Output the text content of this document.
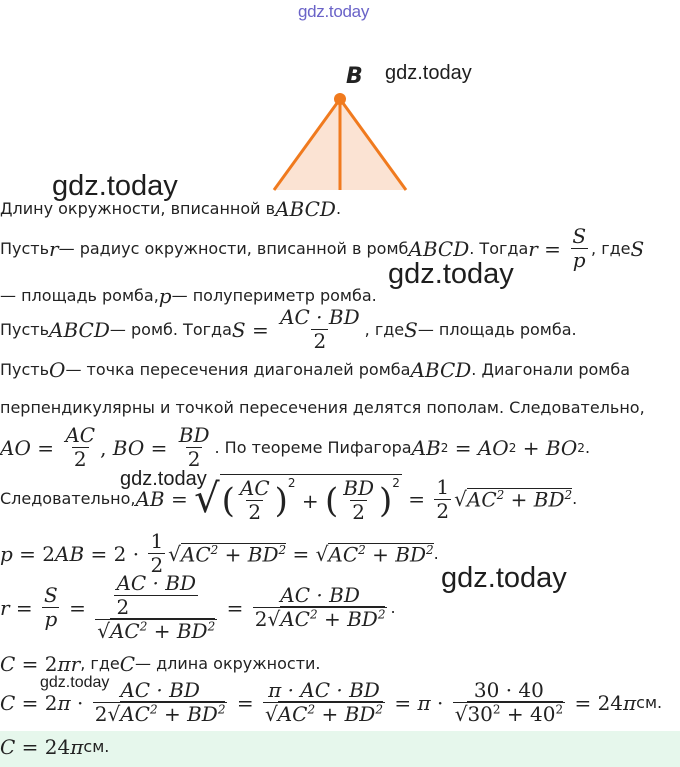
gdz.today
gdz.today
gdz.today
gdz.today
gdz.today
gdz.today
gdz.today
B
Длину окружности, вписанной в ABCD .
Пусть r — радиус окружности, вписанной в ромб ABCD . Тогда $r = \frac{S}{p}$ , где S
— площадь ромба, p — полупериметр ромба.
Пусть ABCD — ромб. Тогда $S = \frac{AC \cdot BD}{2}$ , где S — площадь ромба.
Пусть O — точка пересечения диагоналей ромба ABCD . Диагонали ромба
перпендикулярны и точкой пересечения делятся пополам. Следовательно,
AO = $\frac{AC}{2}$ , BO = $\frac{BD}{2}$ . По теореме Пифагора AB 2 = AO 2 + BO 2 .
Следовательно, AB = √ ( $\frac{AC}{2} )^2$
+ ( $\frac{BD}{2} )^2$
= $\frac{1}{2}$ √ $AC^2 + BD^2$ .
p = 2 AB = $2 \cdot \frac{1}{2}$ √ $AC^2 + BD^2$ = √ $AC^2 + BD^2$ .
$r = \frac{S}{p} = \frac{\frac{AC \cdot BD}{2}}{√AC^2 + BD^2} = \frac{AC \cdot BD}{2√AC^2 + BD^2}$ .
C = 2 πr , где C — длина окружности.
C = 2 $\pi \cdot \frac{AC \cdot BD}{2√AC^2 + BD^2} = \frac{\pi \cdot AC \cdot BD}{√AC^2 + BD^2} = \pi \cdot \frac{30 \cdot 40}{√30^2 + 40^2} = 24$ π см.
C = 24 π см.
